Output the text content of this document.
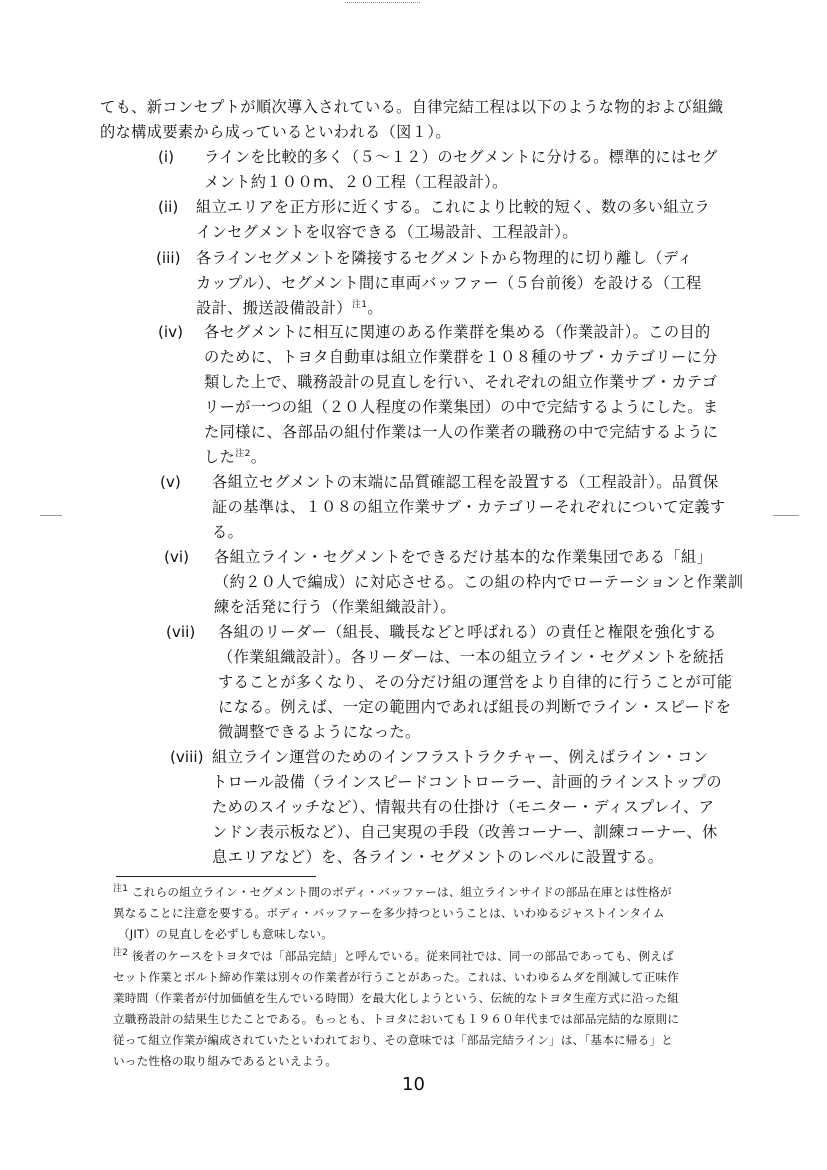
ても、新コンセプトが順次導入されている。自律完結工程は以下のような物的および組織
的な構成要素から成っているといわれる（図１）。
(i) ラインを比較的多く（５～１２）のセグメントに分ける。標準的にはセグ
メント約１００m、２０工程（工程設計）。
(ii) 組立エリアを正方形に近くする。これにより比較的短く、数の多い組立ラ
インセグメントを収容できる（工場設計、工程設計）。
(iii) 各ラインセグメントを隣接するセグメントから物理的に切り離し（ディ
カップル）、セグメント間に車両バッファー（５台前後）を設ける（工程
設計、搬送設備設計）$^{注1}$。
(iv) 各セグメントに相互に関連のある作業群を集める（作業設計）。この目的
のために、トヨタ自動車は組立作業群を１０８種のサブ・カテゴリーに分
類した上で、職務設計の見直しを行い、それぞれの組立作業サブ・カテゴ
リーが一つの組（２０人程度の作業集団）の中で完結するようにした。ま
た同様に、各部品の組付作業は一人の作業者の職務の中で完結するように
した$^{注2}$。
(v) 各組立セグメントの末端に品質確認工程を設置する（工程設計）。品質保
証の基準は、１０８の組立作業サブ・カテゴリーそれぞれについて定義す
る。
(vi) 各組立ライン・セグメントをできるだけ基本的な作業集団である「組」
（約２０人で編成）に対応させる。この組の枠内でローテーションと作業訓
練を活発に行う（作業組織設計）。
(vii) 各組のリーダー（組長、職長などと呼ばれる）の責任と権限を強化する
（作業組織設計）。各リーダーは、一本の組立ライン・セグメントを統括
することが多くなり、その分だけ組の運営をより自律的に行うことが可能
になる。例えば、一定の範囲内であれば組長の判断でライン・スピードを
微調整できるようになった。
(viii) 組立ライン運営のためのインフラストラクチャー、例えばライン・コン
トロール設備（ラインスピードコントローラー、計画的ラインストップの
ためのスイッチなど）、情報共有の仕掛け（モニター・ディスプレイ、ア
ンドン表示板など）、自己実現の手段（改善コーナー、訓練コーナー、休
息エリアなど）を、各ライン・セグメントのレベルに設置する。
$^{注1}$ これらの組立ライン・セグメント間のボディ・バッファーは、組立ラインサイドの部品在庫とは性格が
異なることに注意を要する。ボディ・バッファーを多少持つということは、いわゆるジャストインタイム
（JIT）の見直しを必ずしも意味しない。
$^{注2}$ 後者のケースをトヨタでは「部品完結」と呼んでいる。従来同社では、同一の部品であっても、例えば
セット作業とボルト締め作業は別々の作業者が行うことがあった。これは、いわゆるムダを削減して正味作
業時間（作業者が付加価値を生んでいる時間）を最大化しようという、伝統的なトヨタ生産方式に沿った組
立職務設計の結果生じたことである。もっとも、トヨタにおいても１９６０年代までは部品完結的な原則に
従って組立作業が編成されていたといわれており、その意味では「部品完結ライン」は、「基本に帰る」と
いった性格の取り組みであるといえよう。
10
